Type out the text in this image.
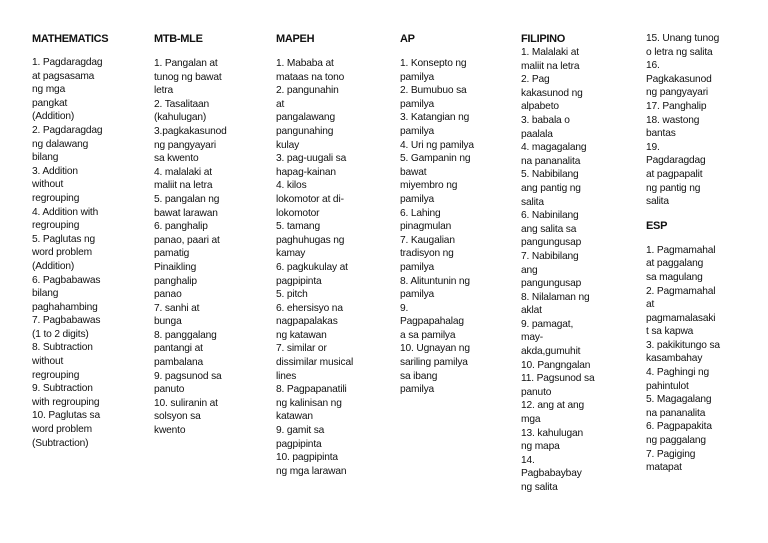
MATHEMATICS
1. Pagdaragdag
at pagsasama
ng mga
pangkat
(Addition)
2. Pagdaragdag
ng dalawang
bilang
3. Addition
without
regrouping
4. Addition with
regrouping
5. Paglutas ng
word problem
(Addition)
6. Pagbabawas
bilang
paghahambing
7. Pagbabawas
(1 to 2 digits)
8. Subtraction
without
regrouping
9. Subtraction
with regrouping
10. Paglutas sa
word problem
(Subtraction)
MTB-MLE
1. Pangalan at
tunog ng bawat
letra
2. Tasalitaan
(kahulugan)
3.pagkakasunod
ng pangyayari
sa kwento
4. malalaki at
maliit na letra
5. pangalan ng
bawat larawan
6. panghalip
panao, paari at
pamatig
Pinaikling
panghalip
panao
7. sanhi at
bunga
8. panggalang
pantangi at
pambalana
9. pagsunod sa
panuto
10. suliranin at
solsyon sa
kwento
MAPEH
1. Mababa at
mataas na tono
2. pangunahin
at
pangalawang
pangunahing
kulay
3. pag-uugali sa
hapag-kainan
4. kilos
lokomotor at di-
lokomotor
5. tamang
paghuhugas ng
kamay
6. pagkukulay at
pagpipinta
5. pitch
6. ehersisyo na
nagpapalakas
ng katawan
7. similar or
dissimilar musical
lines
8. Pagpapanatili
ng kalinisan ng
katawan
9. gamit sa
pagpipinta
10. pagpipinta
ng mga larawan
AP
1. Konsepto ng
pamilya
2. Bumubuo sa
pamilya
3. Katangian ng
pamilya
4. Uri ng pamilya
5. Gampanin ng
bawat
miyembro ng
pamilya
6. Lahing
pinagmulan
7. Kaugalian
tradisyon ng
pamilya
8. Alituntunin ng
pamilya
9.
Pagpapahalag
a sa pamilya
10. Ugnayan ng
sariling pamilya
sa ibang
pamilya
FILIPINO
1. Malalaki at
maliit na letra
2. Pag
kakasunod ng
alpabeto
3. babala o
paalala
4. magagalang
na pananalita
5. Nabibilang
ang pantig ng
salita
6. Nabinilang
ang salita sa
pangungusap
7. Nabibilang
ang
pangungusap
8. Nilalaman ng
aklat
9. pamagat,
may-
akda,gumuhit
10. Pangngalan
11. Pagsunod sa
panuto
12. ang at ang
mga
13. kahulugan
ng mapa
14.
Pagbabaybay
ng salita
15. Unang tunog
o letra ng salita
16.
Pagkakasunod
ng pangyayari
17. Panghalip
18. wastong
bantas
19.
Pagdaragdag
at pagpapalit
ng pantig ng
salita
ESP
1. Pagmamahal
at paggalang
sa magulang
2. Pagmamahal
at
pagmamalasaki
t sa kapwa
3. pakikitungo sa
kasambahay
4. Paghingi ng
pahintulot
5. Magagalang
na pananalita
6. Pagpapakita
ng paggalang
7. Pagiging
matapat
